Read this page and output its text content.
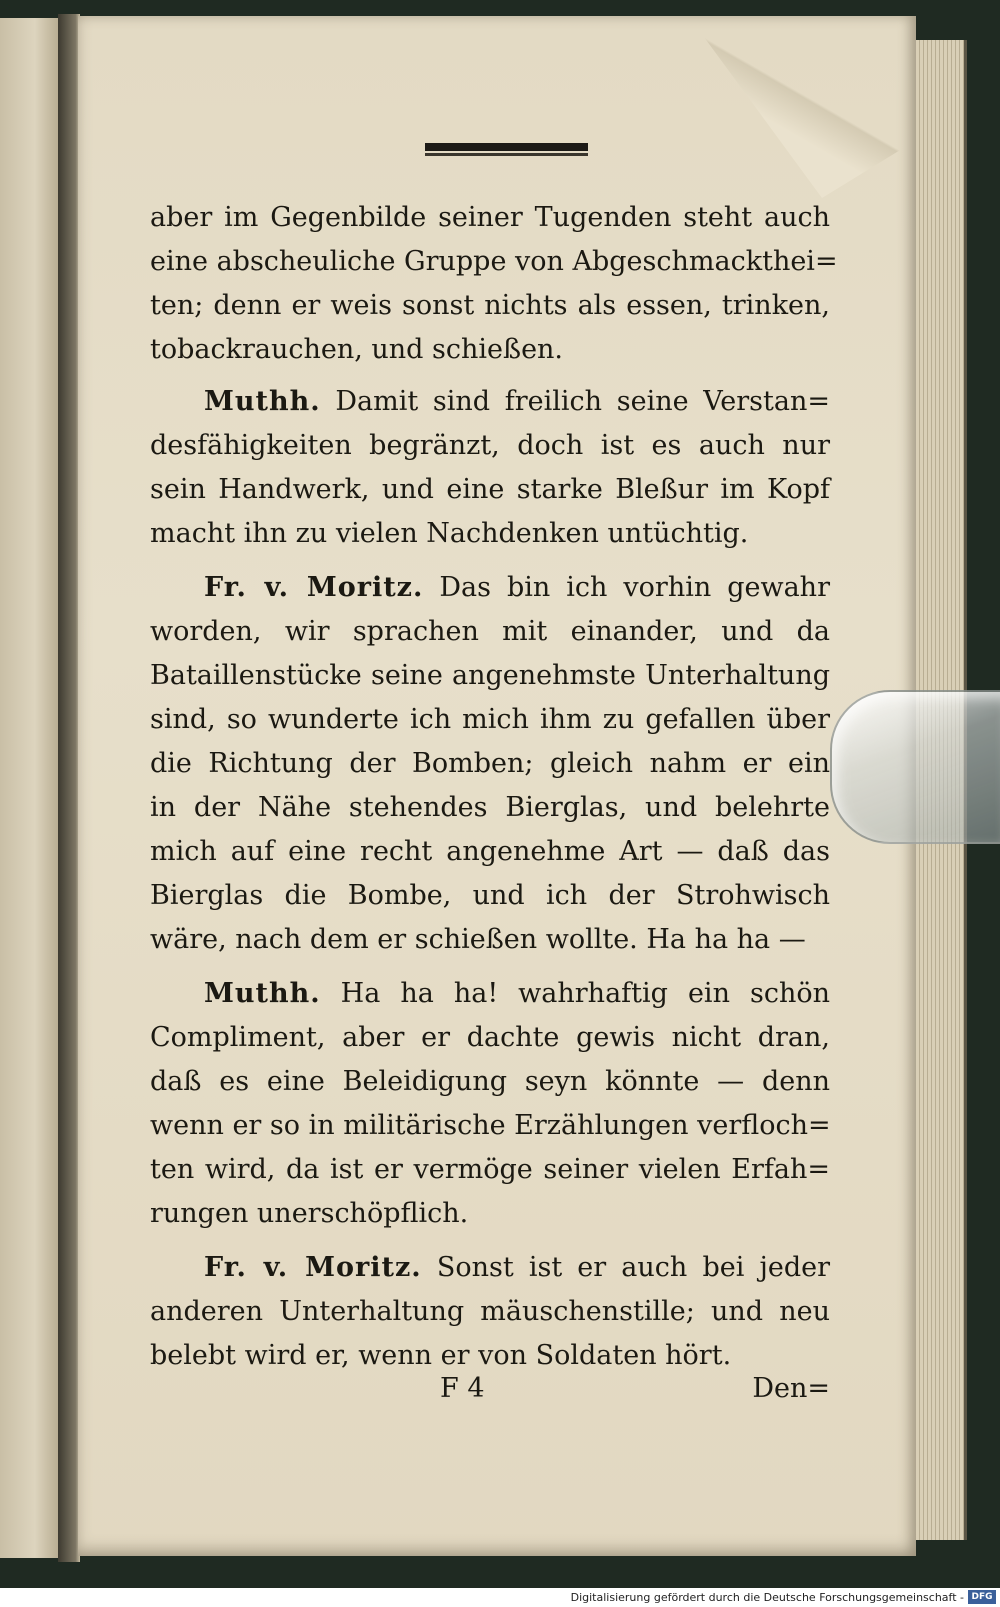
aber im Gegenbilde seiner Tugenden steht auch
eine abscheuliche Gruppe von Abgeschmackthei=
ten; denn er weis sonst nichts als essen, trinken,
tobackrauchen, und schießen.
Muthh. Damit sind freilich seine Verstan=
desfähigkeiten begränzt, doch ist es auch nur
sein Handwerk, und eine starke Bleßur im Kopf
macht ihn zu vielen Nachdenken untüchtig.
Fr. v. Moritz. Das bin ich vorhin gewahr
worden, wir sprachen mit einander, und da
Bataillenstücke seine angenehmste Unterhaltung
sind, so wunderte ich mich ihm zu gefallen über
die Richtung der Bomben; gleich nahm er ein
in der Nähe stehendes Bierglas, und belehrte
mich auf eine recht angenehme Art — daß das
Bierglas die Bombe, und ich der Strohwisch
wäre, nach dem er schießen wollte. Ha ha ha —
Muthh. Ha ha ha! wahrhaftig ein schön
Compliment, aber er dachte gewis nicht dran,
daß es eine Beleidigung seyn könnte — denn
wenn er so in militärische Erzählungen verfloch=
ten wird, da ist er vermöge seiner vielen Erfah=
rungen unerschöpflich.
Fr. v. Moritz. Sonst ist er auch bei jeder
anderen Unterhaltung mäuschenstille; und neu
belebt wird er, wenn er von Soldaten hört.
F 4	Den=
Digitalisierung gefördert durch die Deutsche Forschungsgemeinschaft - DFG
